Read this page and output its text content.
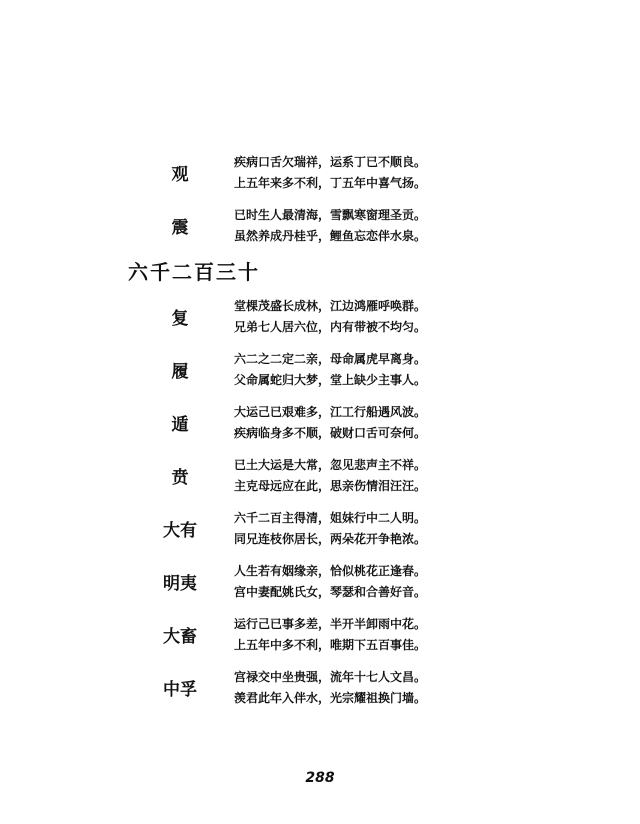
观
疾病口舌欠瑞祥，运系丁已不顺良。
上五年来多不利，丁五年中喜气扬。
震
已时生人最清海，雪飘寒窗理圣贡。
虽然养成丹桂乎，鲤鱼忘恋伴水泉。
六千二百三十
复
堂棵茂盛长成林，江边鸿雁呼唤群。
兄弟七人居六位，内有带被不均匀。
履
六二之二定二亲，母命属虎早离身。
父命属蛇归大梦，堂上缺少主事人。
遁
大运己已艰难多，江工行船遇风波。
疾病临身多不顺，破财口舌可奈何。
贲
已土大运是大常，忽见悲声主不祥。
主克母远应在此，思亲伤情泪汪汪。
大有
六千二百主得清，姐妹行中二人明。
同兄连枝你居长，两朵花开争艳浓。
明夷
人生若有姻缘亲，恰似桃花正逢春。
宫中妻配姚氏女，琴瑟和合善好音。
大畜
运行己已事多差，半开半卸雨中花。
上五年中多不利，唯期下五百事佳。
中孚
宫禄交中坐贵强，流年十七人文昌。
羡君此年入伴水，光宗耀祖换门墙。
288
